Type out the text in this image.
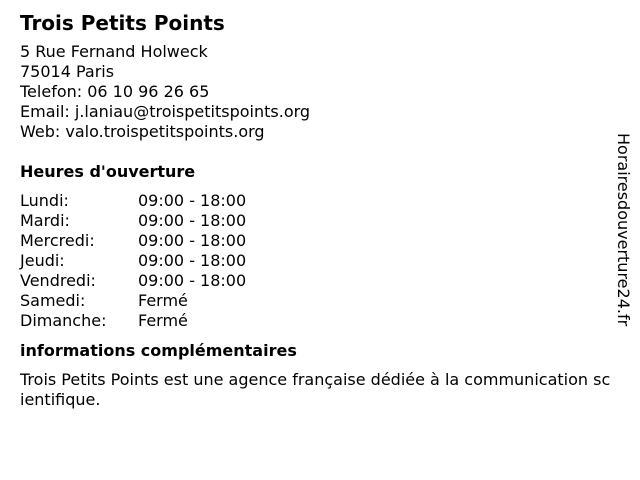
Trois Petits Points
5 Rue Fernand Holweck
75014 Paris
Telefon: 06 10 96 26 65
Email: j.laniau@troispetitspoints.org
Web: valo.troispetitspoints.org
Heures d'ouverture
Lundi:	09:00 - 18:00
Mardi:	09:00 - 18:00
Mercredi:	09:00 - 18:00
Jeudi:	09:00 - 18:00
Vendredi:	09:00 - 18:00
Samedi:	Fermé
Dimanche:	Fermé
informations complémentaires
Trois Petits Points est une agence française dédiée à la communication scientifique.
Horairesdouverture24.fr
